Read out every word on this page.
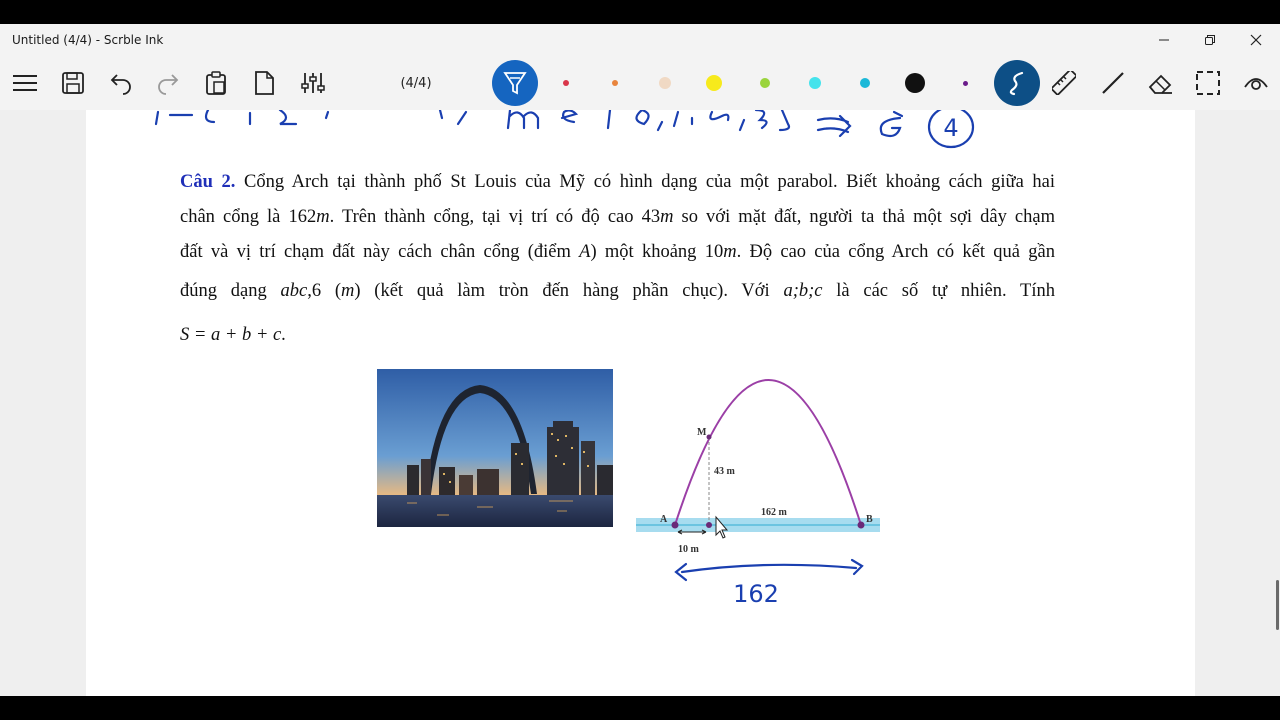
Untitled (4/4) - Scrble Ink
(4/4)
4
Câu 2. Cổng Arch tại thành phố St Louis của Mỹ có hình dạng của một parabol. Biết khoảng cách giữa hai
chân cổng là 162m. Trên thành cổng, tại vị trí có độ cao 43m so với mặt đất, người ta thả một sợi dây chạm
đất và vị trí chạm đất này cách chân cổng (điểm A) một khoảng 10m. Độ cao của cổng Arch có kết quả gần
đúng dạng abc,6 (m) (kết quả làm tròn đến hàng phần chục). Với a;b;c là các số tự nhiên. Tính
S = a + b + c.
M
A	B
43 m
162 m
10 m
162
